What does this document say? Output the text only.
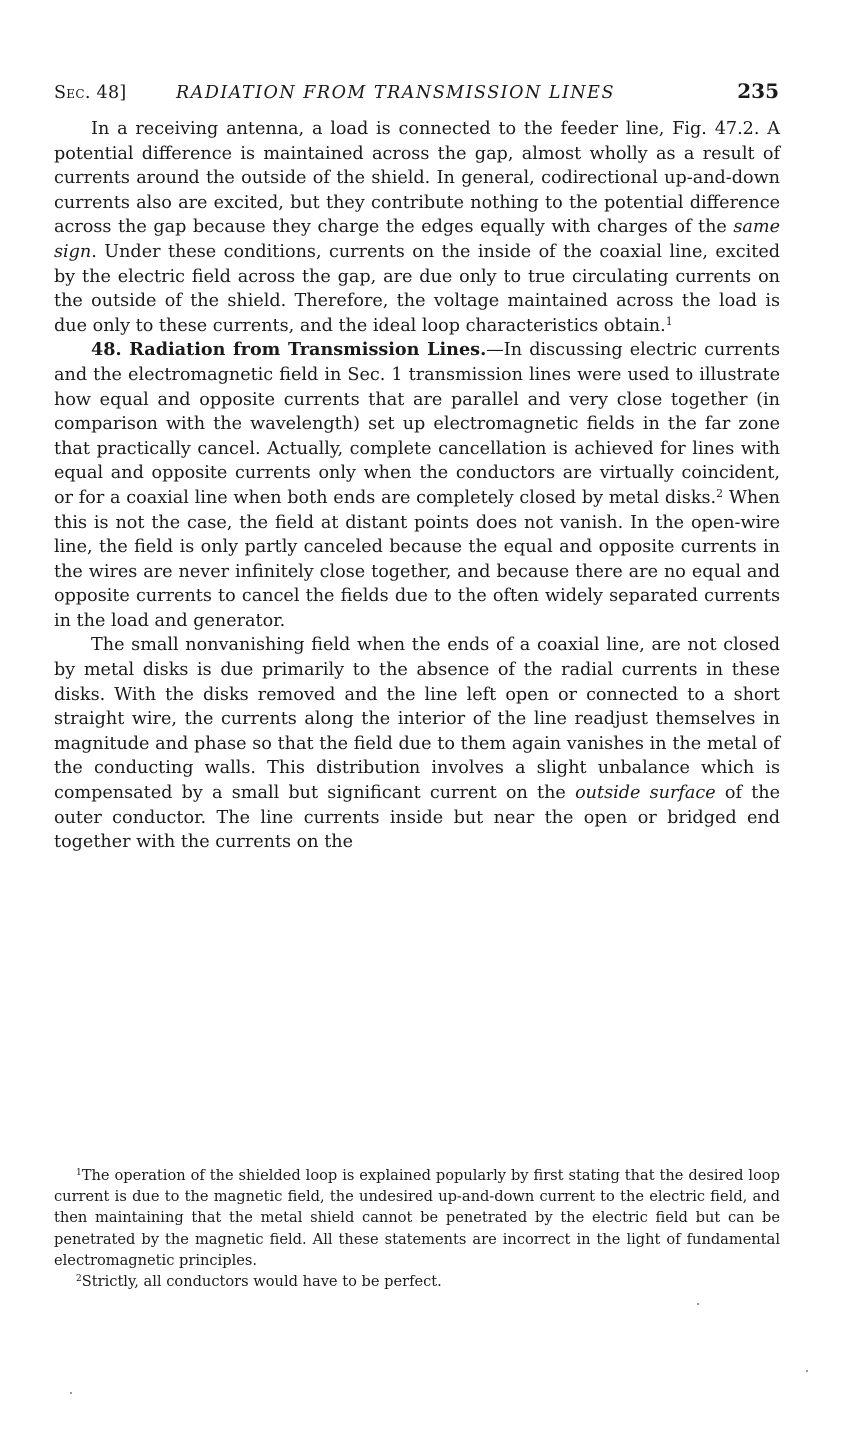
Sec. 48]	RADIATION FROM TRANSMISSION LINES	235

In a receiving antenna, a load is connected to the feeder line, Fig. 47.2. A potential difference is maintained across the gap, almost wholly as a result of currents around the outside of the shield. In general, codirectional up-and-down currents also are excited, but they contribute nothing to the potential difference across the gap because they charge the edges equally with charges of the same sign. Under these conditions, currents on the inside of the coaxial line, excited by the electric field across the gap, are due only to true circulating currents on the outside of the shield. Therefore, the voltage maintained across the load is due only to these currents, and the ideal loop characteristics obtain.$^1$

48. Radiation from Transmission Lines.—In discussing electric currents and the electromagnetic field in Sec. 1 transmission lines were used to illustrate how equal and opposite currents that are parallel and very close together (in comparison with the wavelength) set up electromagnetic fields in the far zone that practically cancel. Actually, complete cancellation is achieved for lines with equal and opposite currents only when the conductors are virtually coincident, or for a coaxial line when both ends are completely closed by metal disks.$^2$ When this is not the case, the field at distant points does not vanish. In the open-wire line, the field is only partly canceled because the equal and opposite currents in the wires are never infinitely close together, and because there are no equal and opposite currents to cancel the fields due to the often widely separated currents in the load and generator.

The small nonvanishing field when the ends of a coaxial line, are not closed by metal disks is due primarily to the absence of the radial currents in these disks. With the disks removed and the line left open or connected to a short straight wire, the currents along the interior of the line readjust themselves in magnitude and phase so that the field due to them again vanishes in the metal of the conducting walls. This distribution involves a slight unbalance which is compensated by a small but significant current on the outside surface of the outer conductor. The line currents inside but near the open or bridged end together with the currents on the

$^1$The operation of the shielded loop is explained popularly by first stating that the desired loop current is due to the magnetic field, the undesired up-and-down current to the electric field, and then maintaining that the metal shield cannot be penetrated by the electric field but can be penetrated by the magnetic field. All these statements are incorrect in the light of fundamental electromagnetic principles.

$^2$Strictly, all conductors would have to be perfect.
